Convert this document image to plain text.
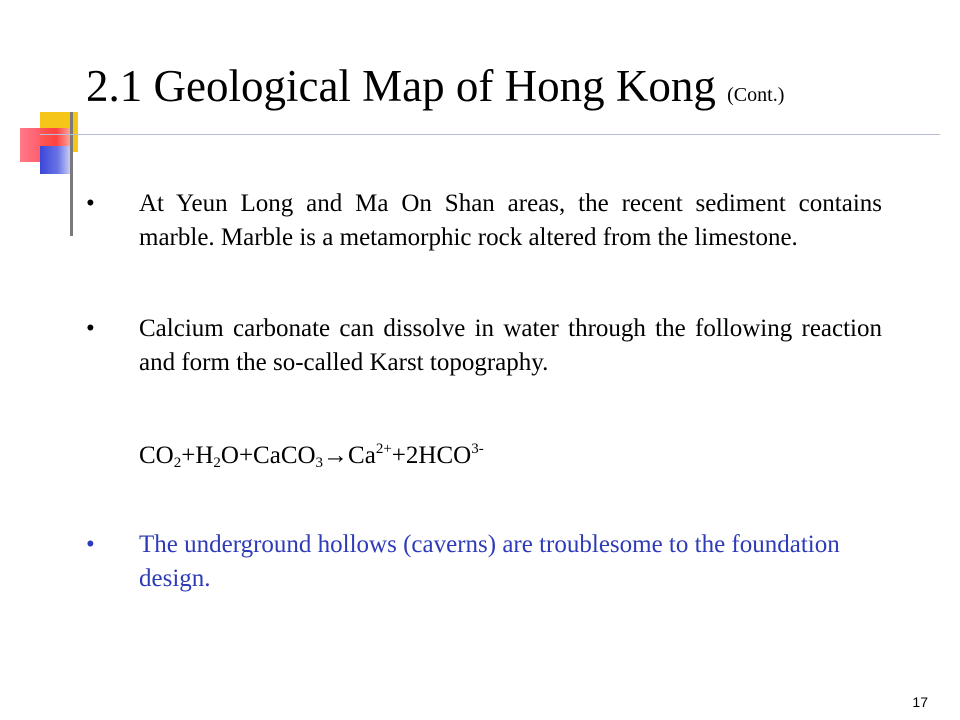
2.1 Geological Map of Hong Kong (Cont.)
•	At Yeun Long and Ma On Shan areas, the recent sediment contains marble. Marble is a metamorphic rock altered from the limestone.
•	Calcium carbonate can dissolve in water through the following reaction and form the so-called Karst topography.
$CO_2+H_2O+CaCO_3\to Ca^{2+}+2HCO^{3-}$
•	The underground hollows (caverns) are troublesome to the foundation design.
17
